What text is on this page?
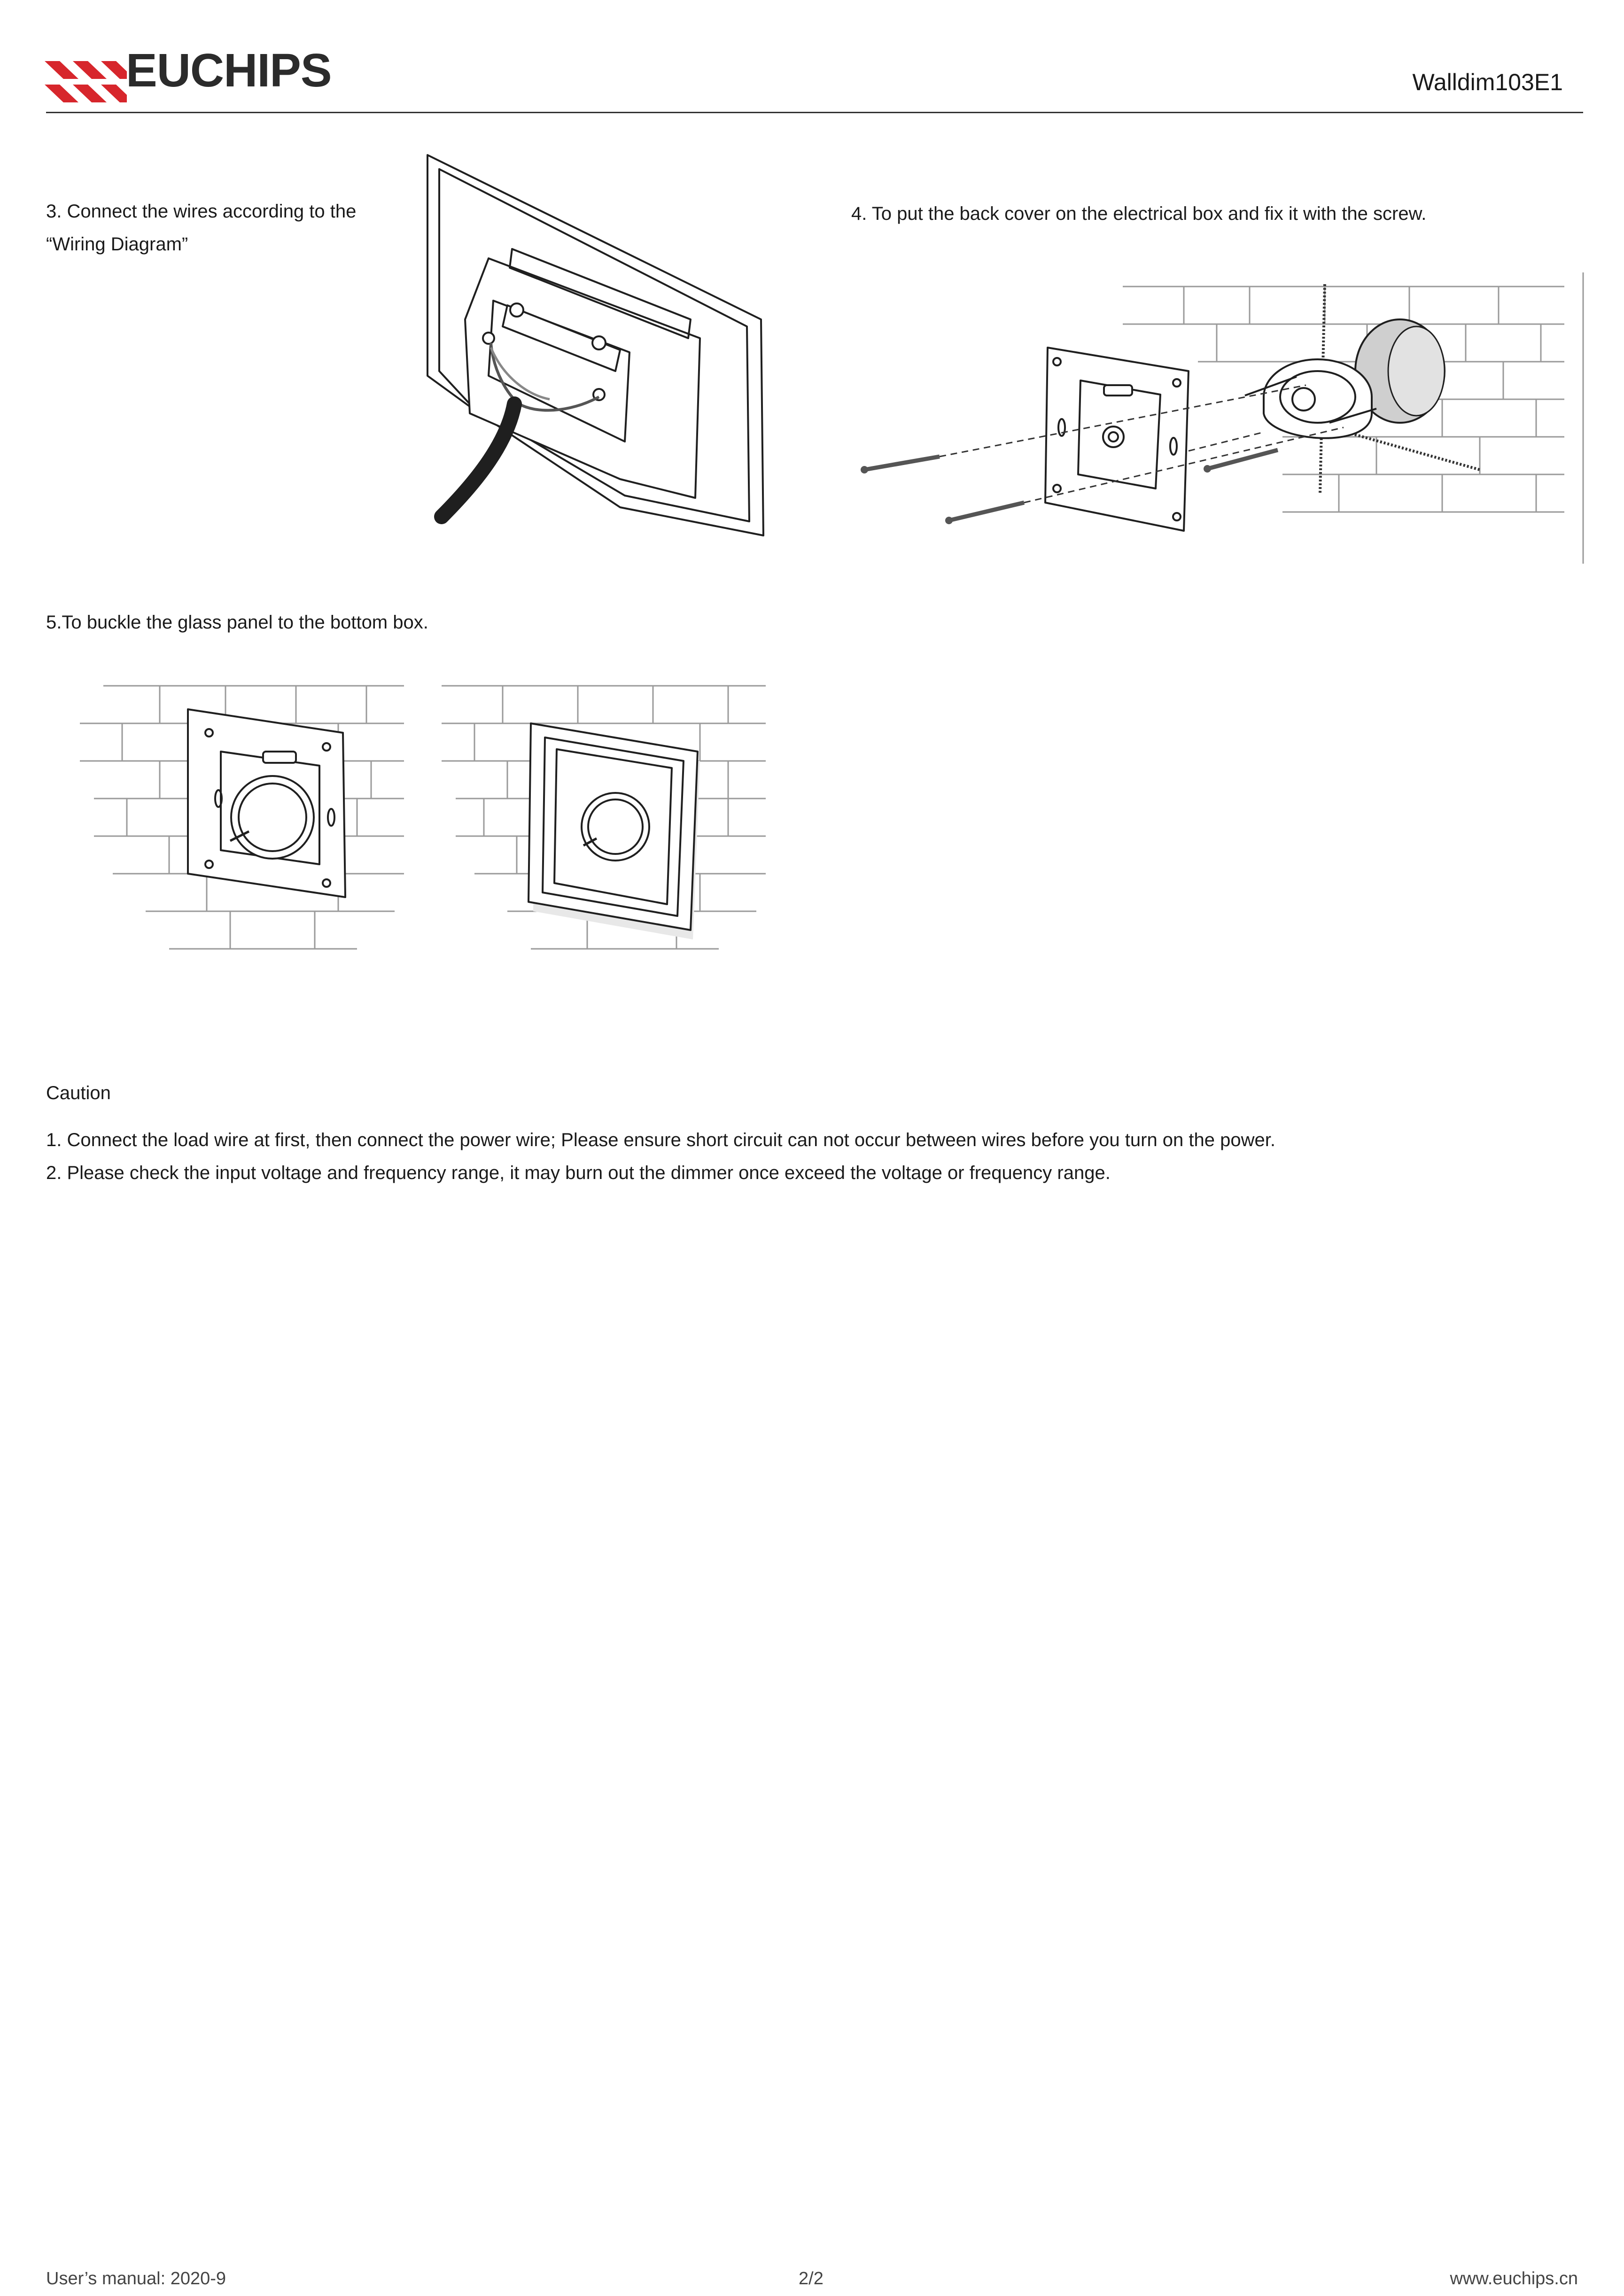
EUCHIPS	Walldim103E1
3. Connect the wires according to the
“Wiring Diagram”
4. To put the back cover on the electrical box and fix it with the screw.
5.To buckle the glass panel to the bottom box.
Caution
1. Connect the load wire at first, then connect the power wire; Please ensure short circuit can not occur between wires before you turn on the power.
2. Please check the input voltage and frequency range, it may burn out the dimmer once exceed the voltage or frequency range.
User’s manual: 2020-9	2/2	www.euchips.cn
